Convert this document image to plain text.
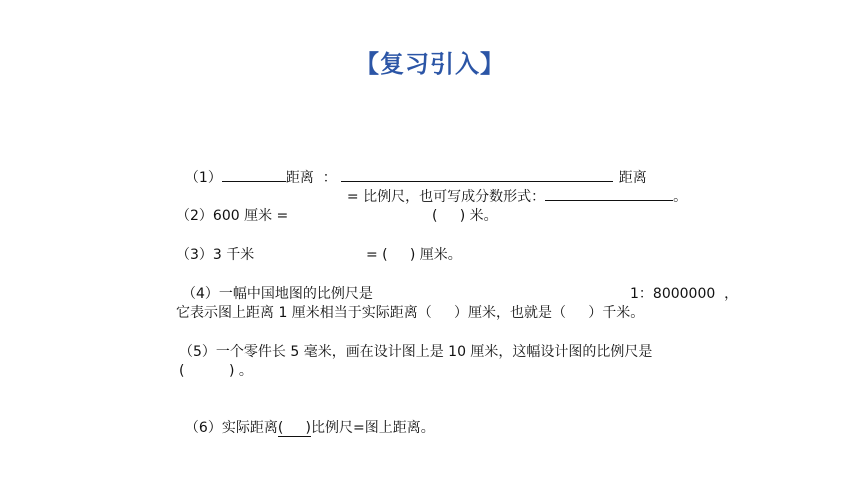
【复习引入】

（1）	距离  ：	距离

= 比例尺，也可写成分数形式：	。

（2）600 厘米 =	(     ) 米。
（3）3 千米	= (     ) 厘米。
（4）一幅中国地图的比例尺是	1：8000000  ，
它表示图上距离 1 厘米相当于实际距离（     ）厘米，也就是（     ）千米。
（5）一个零件长 5 毫米，画在设计图上是 10 厘米，这幅设计图的比例尺是
(          ) 。

（6）实际距离(     )比例尺=图上距离。
